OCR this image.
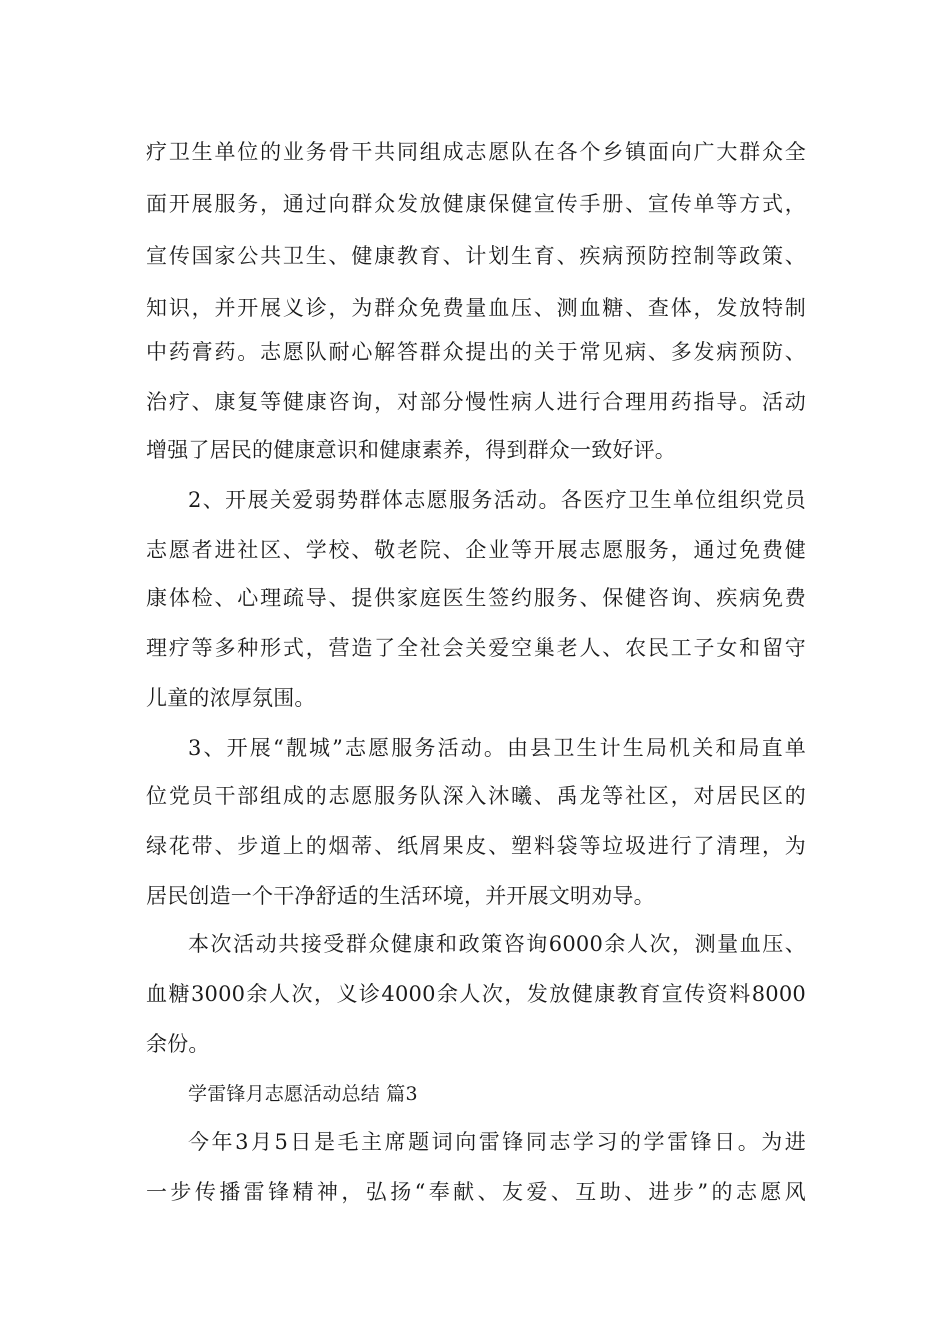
疗卫生单位的业务骨干共同组成志愿队在各个乡镇面向广大群众全
面开展服务，通过向群众发放健康保健宣传手册、宣传单等方式，
宣传国家公共卫生、健康教育、计划生育、疾病预防控制等政策、
知识，并开展义诊，为群众免费量血压、测血糖、查体，发放特制
中药膏药。志愿队耐心解答群众提出的关于常见病、多发病预防、
治疗、康复等健康咨询，对部分慢性病人进行合理用药指导。活动
增强了居民的健康意识和健康素养，得到群众一致好评。
2、开展关爱弱势群体志愿服务活动。各医疗卫生单位组织党员
志愿者进社区、学校、敬老院、企业等开展志愿服务，通过免费健
康体检、心理疏导、提供家庭医生签约服务、保健咨询、疾病免费
理疗等多种形式，营造了全社会关爱空巢老人、农民工子女和留守
儿童的浓厚氛围。
3、开展“靓城”志愿服务活动。由县卫生计生局机关和局直单
位党员干部组成的志愿服务队深入沐曦、禹龙等社区，对居民区的
绿花带、步道上的烟蒂、纸屑果皮、塑料袋等垃圾进行了清理，为
居民创造一个干净舒适的生活环境，并开展文明劝导。
本次活动共接受群众健康和政策咨询6000余人次，测量血压、
血糖3000余人次，义诊4000余人次，发放健康教育宣传资料8000
余份。
学雷锋月志愿活动总结 篇3
今年3月5日是毛主席题词向雷锋同志学习的学雷锋日。为进
一步传播雷锋精神，弘扬“奉献、友爱、互助、进步”的志愿风
